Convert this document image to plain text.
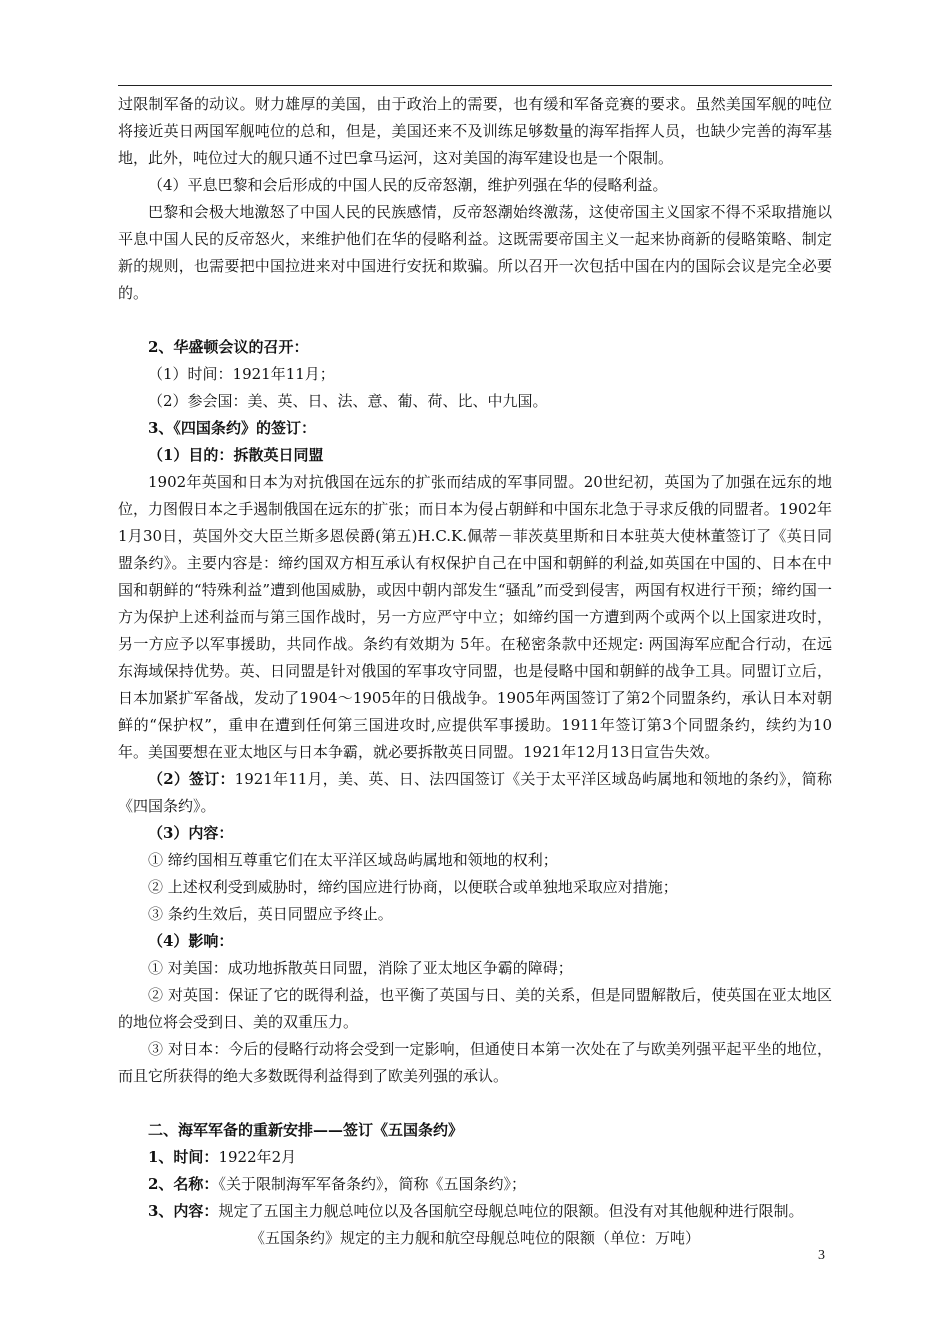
过限制军备的动议。财力雄厚的美国，由于政治上的需要，也有缓和军备竞赛的要求。虽然美国军舰的吨位将接近英日两国军舰吨位的总和，但是，美国还来不及训练足够数量的海军指挥人员，也缺少完善的海军基地，此外，吨位过大的舰只通不过巴拿马运河，这对美国的海军建设也是一个限制。

（4）平息巴黎和会后形成的中国人民的反帝怒潮，维护列强在华的侵略利益。

巴黎和会极大地激怒了中国人民的民族感情，反帝怒潮始终激荡，这使帝国主义国家不得不采取措施以平息中国人民的反帝怒火，来维护他们在华的侵略利益。这既需要帝国主义一起来协商新的侵略策略、制定新的规则，也需要把中国拉进来对中国进行安抚和欺骗。所以召开一次包括中国在内的国际会议是完全必要的。

2、华盛顿会议的召开：

（1）时间：1921年11月；

（2）参会国：美、英、日、法、意、葡、荷、比、中九国。

3、《四国条约》的签订：

（1）目的：拆散英日同盟

1902年英国和日本为对抗俄国在远东的扩张而结成的军事同盟。20世纪初，英国为了加强在远东的地位，力图假日本之手遏制俄国在远东的扩张；而日本为侵占朝鲜和中国东北急于寻求反俄的同盟者。1902年1月30日，英国外交大臣兰斯多恩侯爵(第五)H.C.K.佩蒂－菲茨莫里斯和日本驻英大使林董签订了《英日同盟条约》。主要内容是：缔约国双方相互承认有权保护自己在中国和朝鲜的利益,如英国在中国的、日本在中国和朝鲜的“特殊利益”遭到他国威胁，或因中朝内部发生“骚乱”而受到侵害，两国有权进行干预；缔约国一方为保护上述利益而与第三国作战时，另一方应严守中立；如缔约国一方遭到两个或两个以上国家进攻时，另一方应予以军事援助，共同作战。条约有效期为 5年。在秘密条款中还规定: 两国海军应配合行动，在远东海域保持优势。英、日同盟是针对俄国的军事攻守同盟，也是侵略中国和朝鲜的战争工具。同盟订立后，日本加紧扩军备战，发动了1904～1905年的日俄战争。1905年两国签订了第2个同盟条约，承认日本对朝鲜的“保护权”，重申在遭到任何第三国进攻时,应提供军事援助。1911年签订第3个同盟条约，续约为10年。美国要想在亚太地区与日本争霸，就必要拆散英日同盟。1921年12月13日宣告失效。

（2）签订：1921年11月，美、英、日、法四国签订《关于太平洋区域岛屿属地和领地的条约》，简称《四国条约》。

（3）内容：

① 缔约国相互尊重它们在太平洋区域岛屿属地和领地的权利；

② 上述权利受到威胁时，缔约国应进行协商，以便联合或单独地采取应对措施；

③ 条约生效后，英日同盟应予终止。

（4）影响：

① 对美国：成功地拆散英日同盟，消除了亚太地区争霸的障碍；

② 对英国：保证了它的既得利益，也平衡了英国与日、美的关系，但是同盟解散后，使英国在亚太地区的地位将会受到日、美的双重压力。

③ 对日本：今后的侵略行动将会受到一定影响，但通使日本第一次处在了与欧美列强平起平坐的地位，而且它所获得的绝大多数既得利益得到了欧美列强的承认。

二、海军军备的重新安排——签订《五国条约》

1、时间：1922年2月

2、名称：《关于限制海军军备条约》，简称《五国条约》；

3、内容：规定了五国主力舰总吨位以及各国航空母舰总吨位的限额。但没有对其他舰种进行限制。

《五国条约》规定的主力舰和航空母舰总吨位的限额（单位：万吨）

3
